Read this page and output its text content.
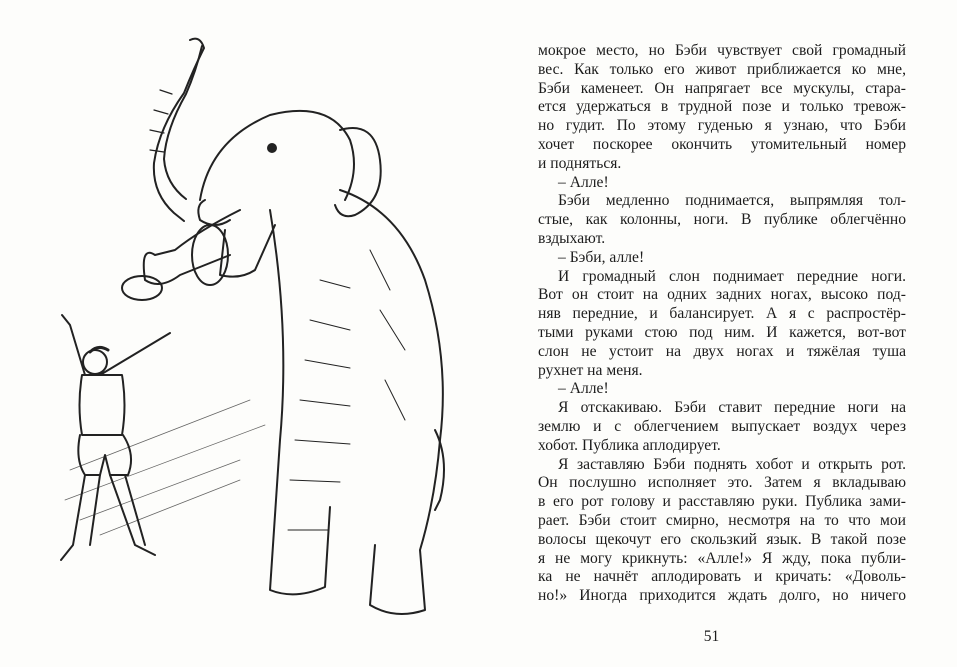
мокрое место, но Бэби чувствует свой громадный
вес. Как только его живот приближается ко мне,
Бэби каменеет. Он напрягает все мускулы, стара-
ется удержаться в трудной позе и только тревож-
но гудит. По этому гуденью я узнаю, что Бэби
хочет поскорее окончить утомительный номер
и подняться.
– Алле!
Бэби медленно поднимается, выпрямляя тол-
стые, как колонны, ноги. В публике облегчённо
вздыхают.
– Бэби, алле!
И громадный слон поднимает передние ноги.
Вот он стоит на одних задних ногах, высоко под-
няв передние, и балансирует. А я с распростёр-
тыми руками стою под ним. И кажется, вот-вот
слон не устоит на двух ногах и тяжёлая туша
рухнет на меня.
– Алле!
Я отскакиваю. Бэби ставит передние ноги на
землю и с облегчением выпускает воздух через
хобот. Публика аплодирует.
Я заставляю Бэби поднять хобот и открыть рот.
Он послушно исполняет это. Затем я вкладываю
в его рот голову и расставляю руки. Публика зами-
рает. Бэби стоит смирно, несмотря на то что мои
волосы щекочут его скользкий язык. В такой позе
я не могу крикнуть: «Алле!» Я жду, пока публи-
ка не начнёт аплодировать и кричать: «Доволь-
но!» Иногда приходится ждать долго, но ничего
51
